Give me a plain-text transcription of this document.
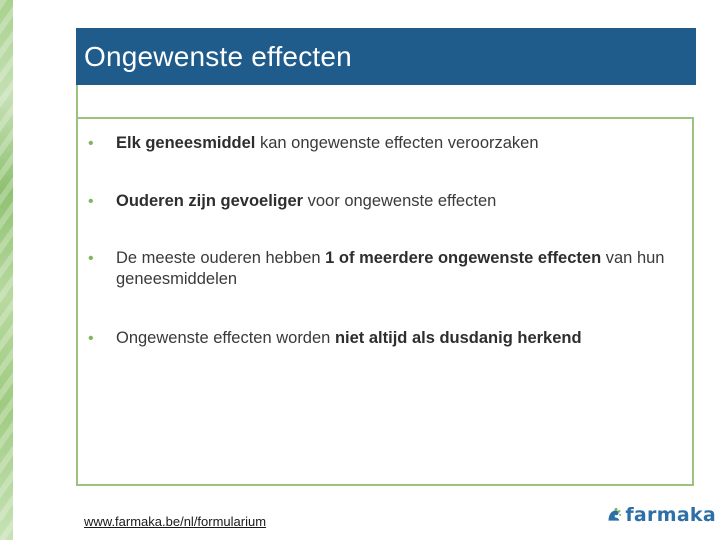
Ongewenste effecten
• Elk geneesmiddel kan ongewenste effecten veroorzaken
• Ouderen zijn gevoeliger voor ongewenste effecten
• De meeste ouderen hebben 1 of meerdere ongewenste effecten van hun geneesmiddelen
• Ongewenste effecten worden niet altijd als dusdanig herkend
www.farmaka.be/nl/formularium	farmaka
